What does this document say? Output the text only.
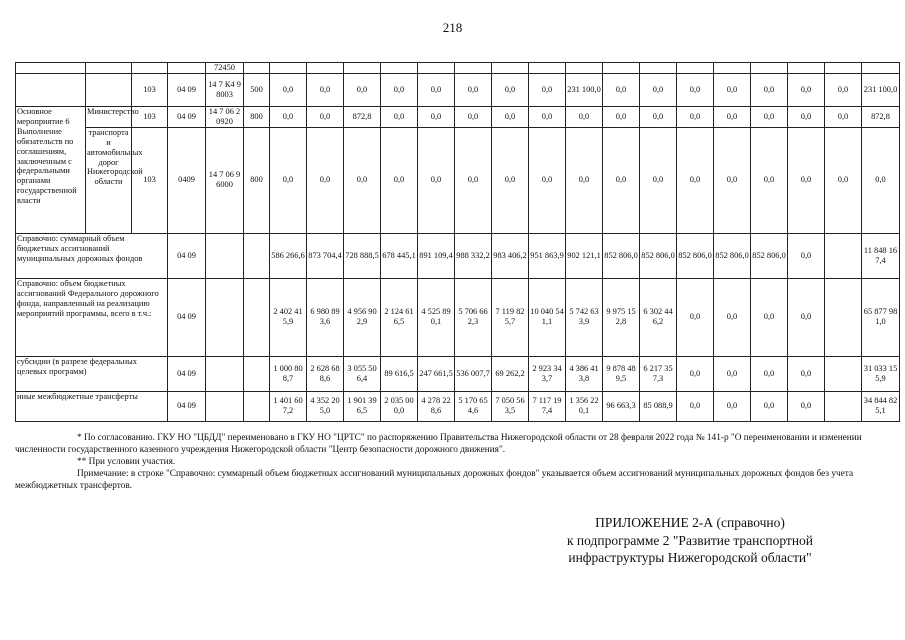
218
				72450																		
		103	04 09	14 7 К4 98003	500	0,0	0,0	0,0	0,0	0,0	0,0	0,0	0,0	231 100,0	0,0	0,0	0,0	0,0	0,0	0,0	0,0	231 100,0
Основное мероприятие 6 Выполнение обязательств по соглашениям, заключенным с федеральными органами государственной власти	Министерство	103	04 09	14 7 06 20920	800	0,0	0,0	872,8	0,0	0,0	0,0	0,0	0,0	0,0	0,0	0,0	0,0	0,0	0,0	0,0	0,0	872,8
	транспорта и автомобильных дорог Нижегородской области	103	0409	14 7 06 96000	800	0,0	0,0	0,0	0,0	0,0	0,0	0,0	0,0	0,0	0,0	0,0	0,0	0,0	0,0	0,0	0,0	0,0
Справочно: суммарный объем бюджетных ассигнований муниципальных дорожных фондов			04 09			586 266,6	873 704,4	728 888,5	678 445,1	891 109,4	988 332,2	983 406,2	951 863,9	902 121,1	852 806,0	852 806,0	852 806,0	852 806,0	852 806,0	0,0		11 848 167,4
Справочно: объем бюджетных ассигнований Федерального дорожного фонда, направленный на реализацию мероприятий программы, всего в т.ч.:			04 09			2 402 415,9	6 980 893,6	4 956 902,9	2 124 616,5	4 525 890,1	5 706 662,3	7 119 825,7	10 040 541,1	5 742 633,9	9 975 152,8	6 302 446,2	0,0	0,0	0,0	0,0		65 877 981,0
субсидии (в разрезе федеральных целевых программ)			04 09			1 000 808,7	2 628 688,6	3 055 506,4	89 616,5	247 661,5	536 007,7	69 262,2	2 923 343,7	4 386 413,8	9 878 489,5	6 217 357,3	0,0	0,0	0,0	0,0		31 033 155,9
иные межбюджетные трансферты			04 09			1 401 607,2	4 352 205,0	1 901 396,5	2 035 000,0	4 278 228,6	5 170 654,6	7 050 563,5	7 117 197,4	1 356 220,1	96 663,3	85 088,9	0,0	0,0	0,0	0,0		34 844 825,1

* По согласованию. ГКУ НО "ЦБДД" переименовано в ГКУ НО "ЦРТС" по распоряжению Правительства Нижегородской области от 28 февраля 2022 года № 141-р "О переименовании и изменении численности государственного казенного учреждения Нижегородской области "Центр безопасности дорожного движения".

** При условии участия.

Примечание: в строке "Справочно: суммарный объем бюджетных ассигнований муниципальных дорожных фондов" указывается объем ассигнований муниципальных дорожных фондов без учета межбюджетных трансфертов.

ПРИЛОЖЕНИЕ 2-А (справочно)

к подпрограмме 2 "Развитие транспортной

инфраструктуры Нижегородской области"
